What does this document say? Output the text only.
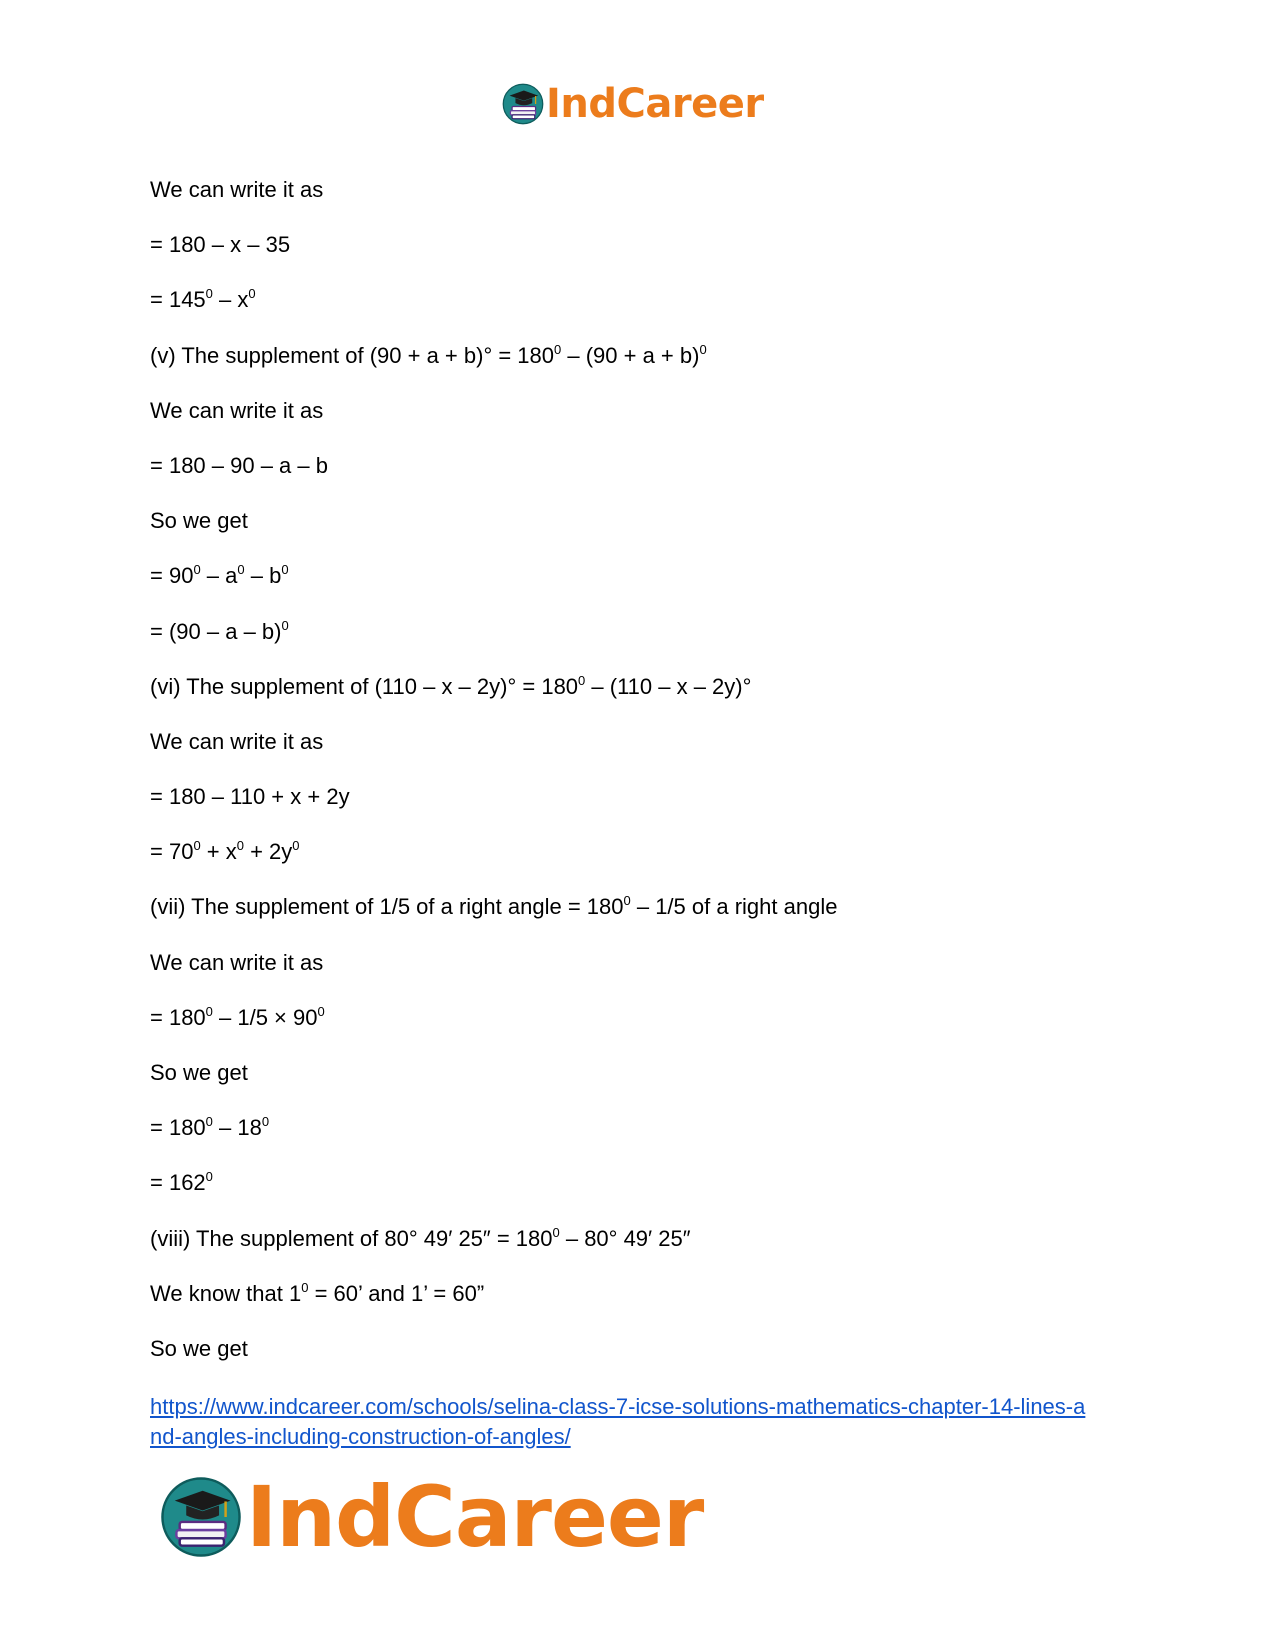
IndCareer
We can write it as
= 180 – x – 35
= $145^0 - x^0$
(v) The supplement of $(90 + a + b)^\circ = 180^0 - (90 + a + b)^0$
We can write it as
= 180 – 90 – a – b
So we get
= $90^0 - a^0 - b^0$
= (90 – a – b)$^0$
(vi) The supplement of $(110 - x - 2y)^\circ = 180^0 - (110 - x - 2y)^\circ$
We can write it as
= 180 – 110 + x + 2y
= $70^0 + x^0 + 2y^0$
(vii) The supplement of 1/5 of a right angle = $180^0 - 1/5$ of a right angle
We can write it as
= $180^0 - 1/5 \times 90^0$
So we get
= $180^0 - 18^0$
= $162^0$
(viii) The supplement of 80° 49′ $25'' = 180^0 - 80^\circ$ 49′ 25″
We know that $1^0 = 60$’ and 1’ = 60”
So we get
https://www.indcareer.com/schools/selina-class-7-icse-solutions-mathematics-chapter-14-lines-a
nd-angles-including-construction-of-angles/
IndCareer
